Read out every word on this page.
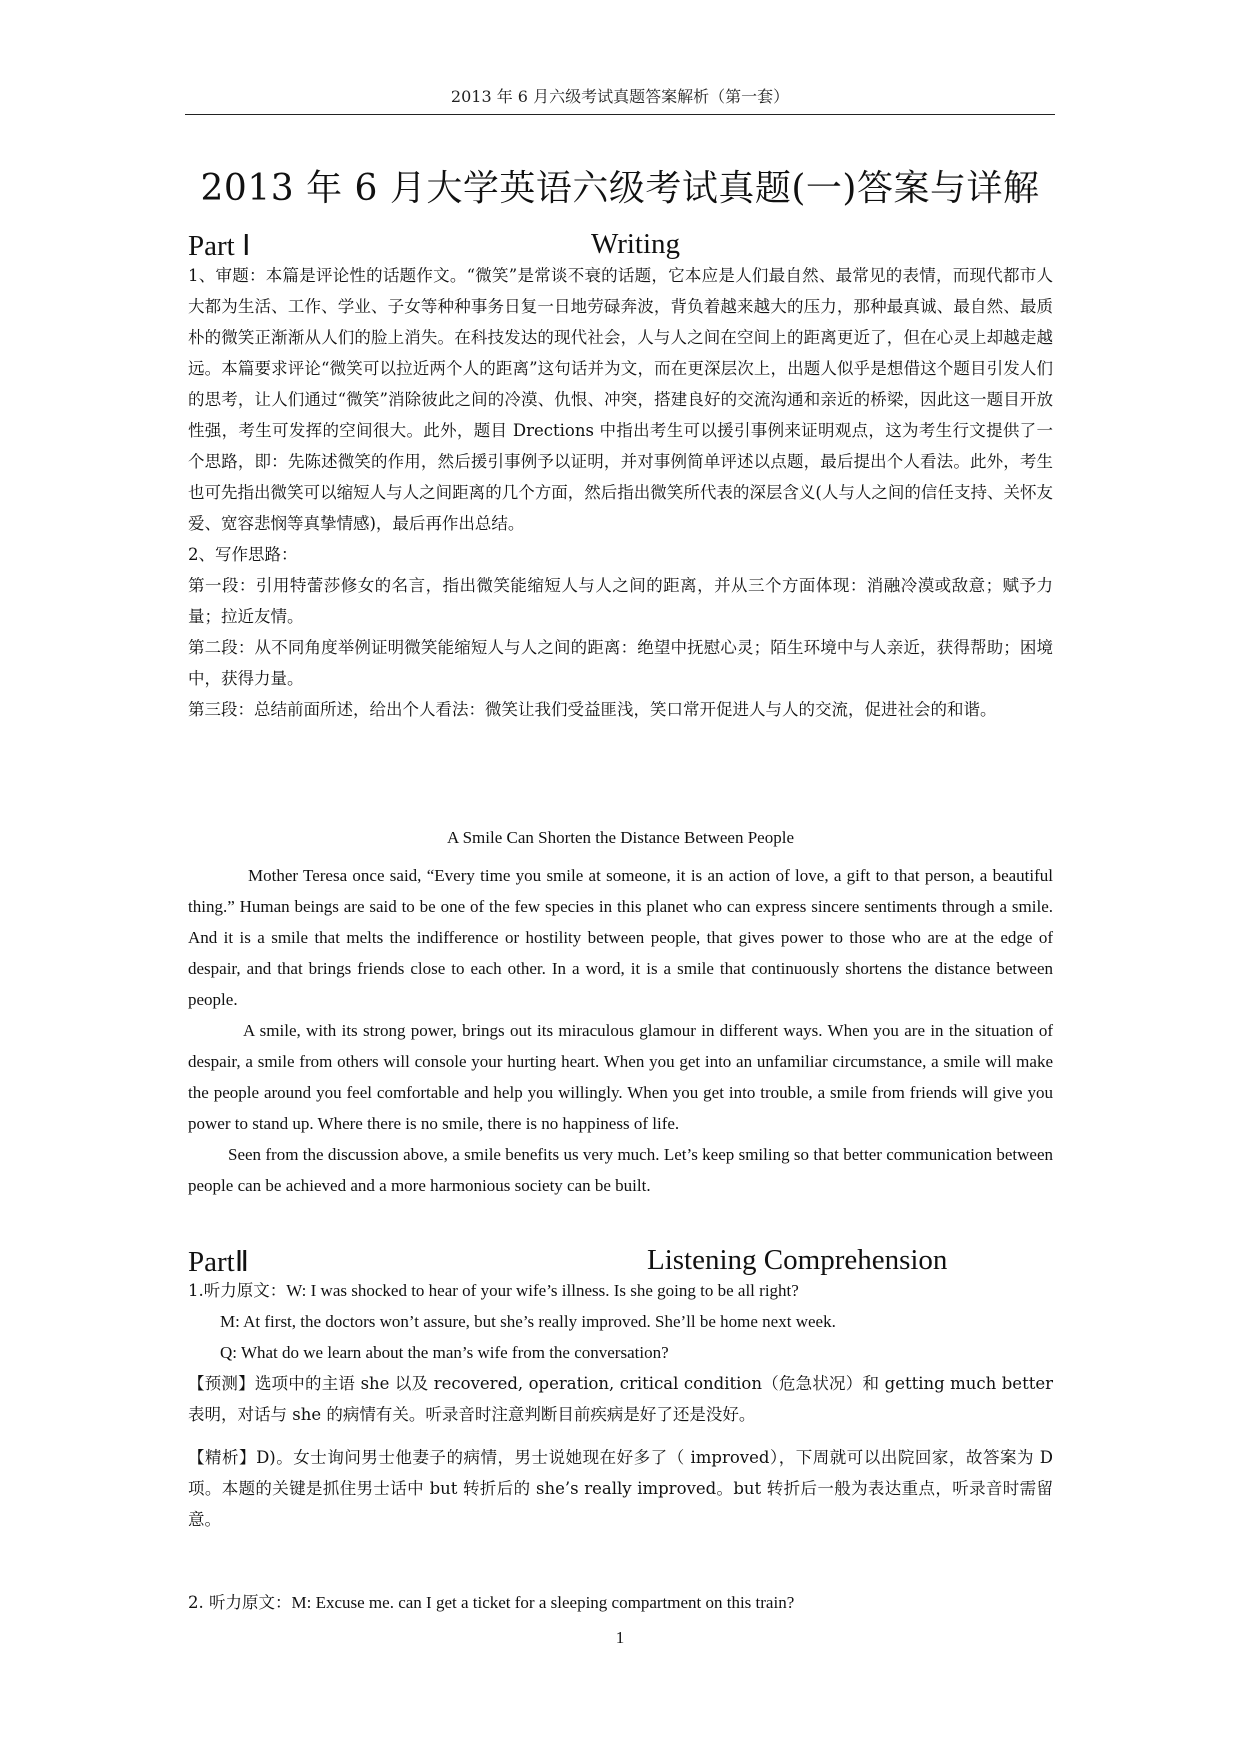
2013 年 6 月六级考试真题答案解析（第一套）
2013 年 6 月大学英语六级考试真题(一)答案与详解
Part Ⅰ	Writing

1、审题：本篇是评论性的话题作文。“微笑”是常谈不衰的话题，它本应是人们最自然、最常见的表情，而现代都市人大都为生活、工作、学业、子女等种种事务日复一日地劳碌奔波，背负着越来越大的压力，那种最真诚、最自然、最质朴的微笑正渐渐从人们的脸上消失。在科技发达的现代社会，人与人之间在空间上的距离更近了，但在心灵上却越走越远。本篇要求评论“微笑可以拉近两个人的距离”这句话并为文，而在更深层次上，出题人似乎是想借这个题目引发人们的思考，让人们通过“微笑”消除彼此之间的冷漠、仇恨、冲突，搭建良好的交流沟通和亲近的桥梁，因此这一题目开放性强，考生可发挥的空间很大。此外，题目 Drections 中指出考生可以援引事例来证明观点，这为考生行文提供了一个思路，即：先陈述微笑的作用，然后援引事例予以证明，并对事例简单评述以点题，最后提出个人看法。此外，考生也可先指出微笑可以缩短人与人之间距离的几个方面，然后指出微笑所代表的深层含义(人与人之间的信任支持、关怀友爱、宽容悲悯等真挚情感)，最后再作出总结。

2、写作思路：

第一段：引用特蕾莎修女的名言，指出微笑能缩短人与人之间的距离，并从三个方面体现：消融冷漠或敌意；赋予力量；拉近友情。

第二段：从不同角度举例证明微笑能缩短人与人之间的距离：绝望中抚慰心灵；陌生环境中与人亲近，获得帮助；困境中，获得力量。

第三段：总结前面所述，给出个人看法：微笑让我们受益匪浅，笑口常开促进人与人的交流，促进社会的和谐。

A Smile Can Shorten the Distance Between People

Mother Teresa once said, “Every time you smile at someone, it is an action of love, a gift to that person, a beautiful thing.” Human beings are said to be one of the few species in this planet who can express sincere sentiments through a smile. And it is a smile that melts the indifference or hostility between people, that gives power to those who are at the edge of despair, and that brings friends close to each other. In a word, it is a smile that continuously shortens the distance between people.

A smile, with its strong power, brings out its miraculous glamour in different ways. When you are in the situation of despair, a smile from others will console your hurting heart. When you get into an unfamiliar circumstance, a smile will make the people around you feel comfortable and help you willingly. When you get into trouble, a smile from friends will give you power to stand up. Where there is no smile, there is no happiness of life.

Seen from the discussion above, a smile benefits us very much. Let’s keep smiling so that better communication between people can be achieved and a more harmonious society can be built.

PartⅡ	Listening Comprehension

1.听力原文：W: I was shocked to hear of your wife’s illness. Is she going to be all right?

M: At first, the doctors won’t assure, but she’s really improved. She’ll be home next week.

Q: What do we learn about the man’s wife from the conversation?

【预测】选项中的主语 she 以及 recovered, operation, critical condition（危急状况）和 getting much better 表明，对话与 she 的病情有关。听录音时注意判断目前疾病是好了还是没好。

【精析】D)。女士询问男士他妻子的病情，男士说她现在好多了（ improved），下周就可以出院回家，故答案为 D 项。本题的关键是抓住男士话中 but 转折后的 she’s really improved。but 转折后一般为表达重点，听录音时需留意。

2. 听力原文：M: Excuse me. can I get a ticket for a sleeping compartment on this train?

1
